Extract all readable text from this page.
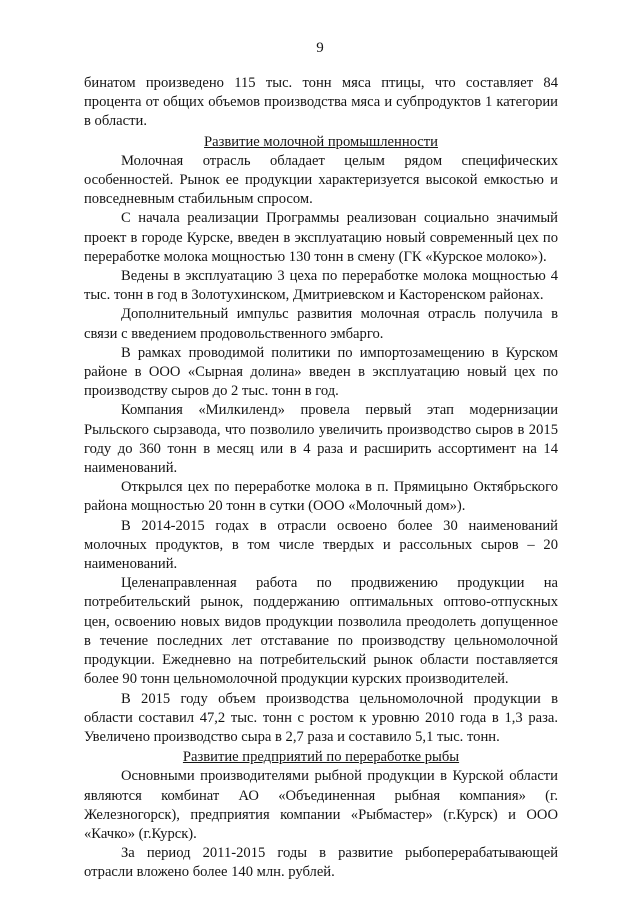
9

бинатом произведено 115 тыс. тонн мяса птицы, что составляет 84 процента от общих объемов производства мяса и субпродуктов 1 категории в области.

Развитие молочной промышленности

Молочная отрасль обладает целым рядом специфических особенностей. Рынок ее продукции характеризуется высокой емкостью и повседневным стабильным спросом.

С начала реализации Программы реализован социально значимый проект в городе Курске, введен в эксплуатацию новый современный цех по переработке молока мощностью 130 тонн в смену (ГК «Курское молоко»).

Ведены в эксплуатацию 3 цеха по переработке молока мощностью 4 тыс. тонн в год в Золотухинском, Дмитриевском и Касторенском районах.

Дополнительный импульс развития молочная отрасль получила в связи с введением продовольственного эмбарго.

В рамках проводимой политики по импортозамещению в Курском районе в ООО «Сырная долина» введен в эксплуатацию новый цех по производству сыров до 2 тыс. тонн в год.

Компания «Милкиленд» провела первый этап модернизации Рыльского сырзавода, что позволило увеличить производство сыров в 2015 году до 360 тонн в месяц или в 4 раза и расширить ассортимент на 14 наименований.

Открылся цех по переработке молока в п. Прямицыно Октябрьского района мощностью 20 тонн в сутки (ООО «Молочный дом»).

В 2014-2015 годах в отрасли освоено более 30 наименований молочных продуктов, в том числе твердых и рассольных сыров – 20 наименований.

Целенаправленная работа по продвижению продукции на потребительский рынок, поддержанию оптимальных оптово-отпускных цен, освоению новых видов продукции позволила преодолеть допущенное в течение последних лет отставание по производству цельномолочной продукции. Ежедневно на потребительский рынок области поставляется более 90 тонн цельномолочной продукции курских производителей.

В 2015 году объем производства цельномолочной продукции в области составил 47,2 тыс. тонн с ростом к уровню 2010 года в 1,3 раза. Увеличено производство сыра в 2,7 раза и составило 5,1 тыс. тонн.

Развитие предприятий по переработке рыбы

Основными производителями рыбной продукции в Курской области являются комбинат АО «Объединенная рыбная компания» (г. Железногорск), предприятия компании «Рыбмастер» (г.Курск) и ООО «Качко» (г.Курск).

За период 2011-2015 годы в развитие рыбоперерабатывающей отрасли вложено более 140 млн. рублей.
